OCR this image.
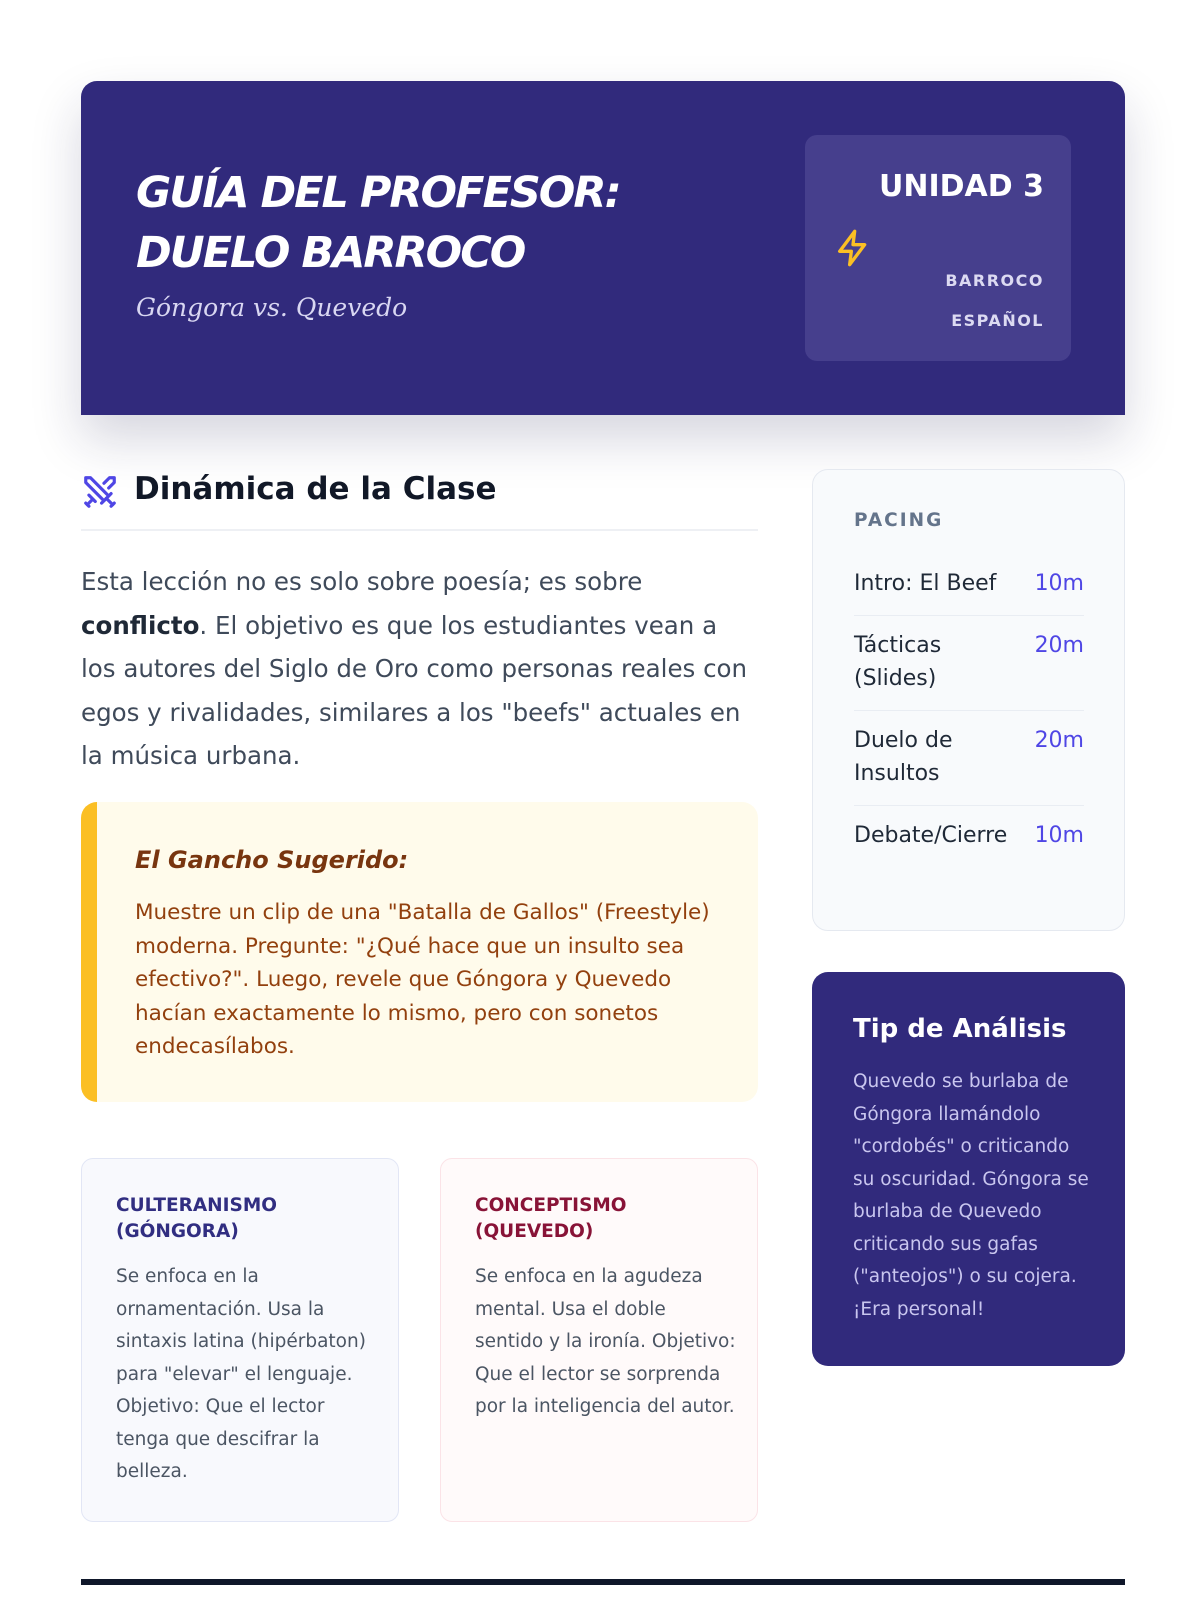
GUÍA DEL PROFESOR: DUELO BARROCO
Góngora vs. Quevedo
UNIDAD 3
BARROCO ESPAÑOL
Dinámica de la Clase

Esta lección no es solo sobre poesía; es sobre conflicto. El objetivo es que los estudiantes vean a los autores del Siglo de Oro como personas reales con egos y rivalidades, similares a los "beefs" actuales en la música urbana.

El Gancho Sugerido:
Muestre un clip de una "Batalla de Gallos" (Freestyle) moderna. Pregunte: "¿Qué hace que un insulto sea efectivo?". Luego, revele que Góngora y Quevedo hacían exactamente lo mismo, pero con sonetos endecasílabos.
CULTERANISMO (GÓNGORA)
Se enfoca en la ornamentación. Usa la sintaxis latina (hipérbaton) para "elevar" el lenguaje. Objetivo: Que el lector tenga que descifrar la belleza.
CONCEPTISMO (QUEVEDO)
Se enfoca en la agudeza mental. Usa el doble sentido y la ironía. Objetivo: Que el lector se sorprenda por la inteligencia del autor.
PACING
Intro: El Beef	10m
Tácticas (Slides)
20m
Duelo de Insultos
20m
Debate/Cierre	10m
Tip de Análisis
Quevedo se burlaba de Góngora llamándolo "cordobés" o criticando su oscuridad. Góngora se burlaba de Quevedo criticando sus gafas ("anteojos") o su cojera. ¡Era personal!
